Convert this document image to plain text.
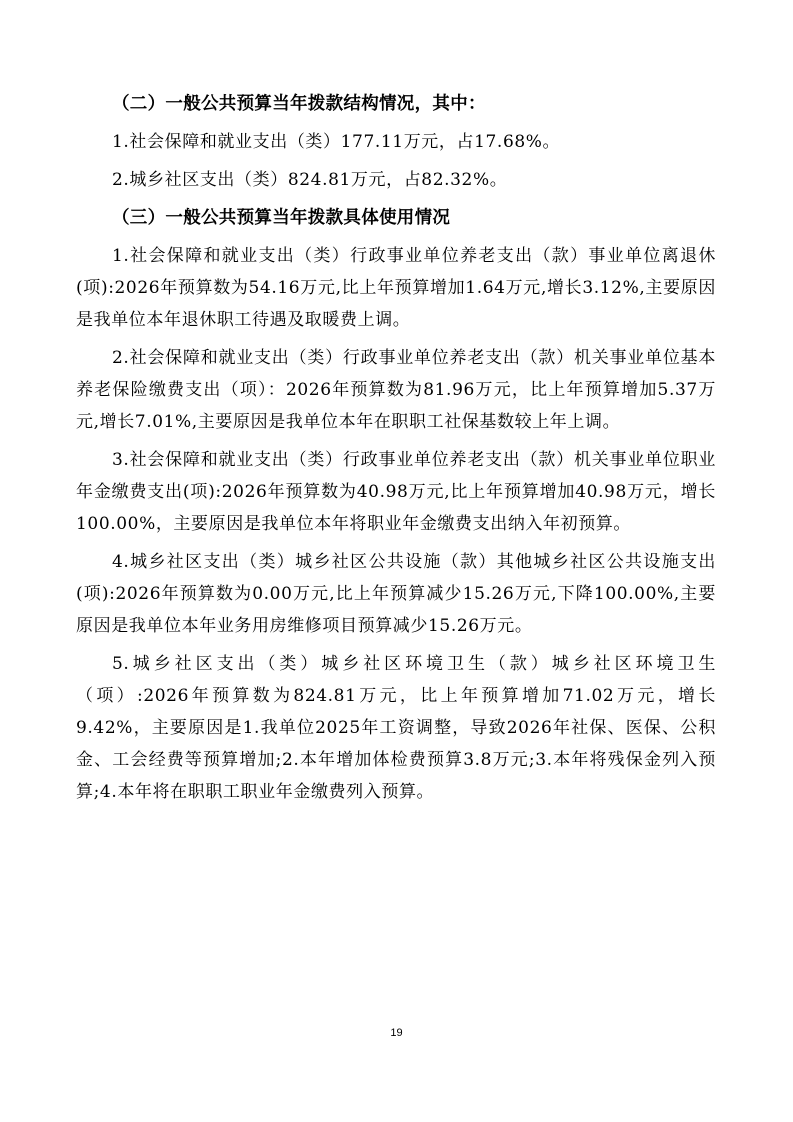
（二）一般公共预算当年拨款结构情况，其中：

1.社会保障和就业支出（类）177.11万元，占17.68%。

2.城乡社区支出（类）824.81万元，占82.32%。

（三）一般公共预算当年拨款具体使用情况

1.社会保障和就业支出（类）行政事业单位养老支出（款）事业单位离退休(项):2026年预算数为54.16万元,比上年预算增加1.64万元,增长3.12%,主要原因是我单位本年退休职工待遇及取暖费上调。

2.社会保障和就业支出（类）行政事业单位养老支出（款）机关事业单位基本养老保险缴费支出（项）：2026年预算数为81.96万元，比上年预算增加5.37万元,增长7.01%,主要原因是我单位本年在职职工社保基数较上年上调。

3.社会保障和就业支出（类）行政事业单位养老支出（款）机关事业单位职业年金缴费支出(项):2026年预算数为40.98万元,比上年预算增加40.98万元，增长100.00%，主要原因是我单位本年将职业年金缴费支出纳入年初预算。

4.城乡社区支出（类）城乡社区公共设施（款）其他城乡社区公共设施支出(项):2026年预算数为0.00万元,比上年预算减少15.26万元,下降100.00%,主要原因是我单位本年业务用房维修项目预算减少15.26万元。

5.城乡社区支出（类）城乡社区环境卫生（款）城乡社区环境卫生（项）:2026年预算数为824.81万元，比上年预算增加71.02万元，增长9.42%，主要原因是1.我单位2025年工资调整，导致2026年社保、医保、公积金、工会经费等预算增加;2.本年增加体检费预算3.8万元;3.本年将残保金列入预算;4.本年将在职职工职业年金缴费列入预算。

19
